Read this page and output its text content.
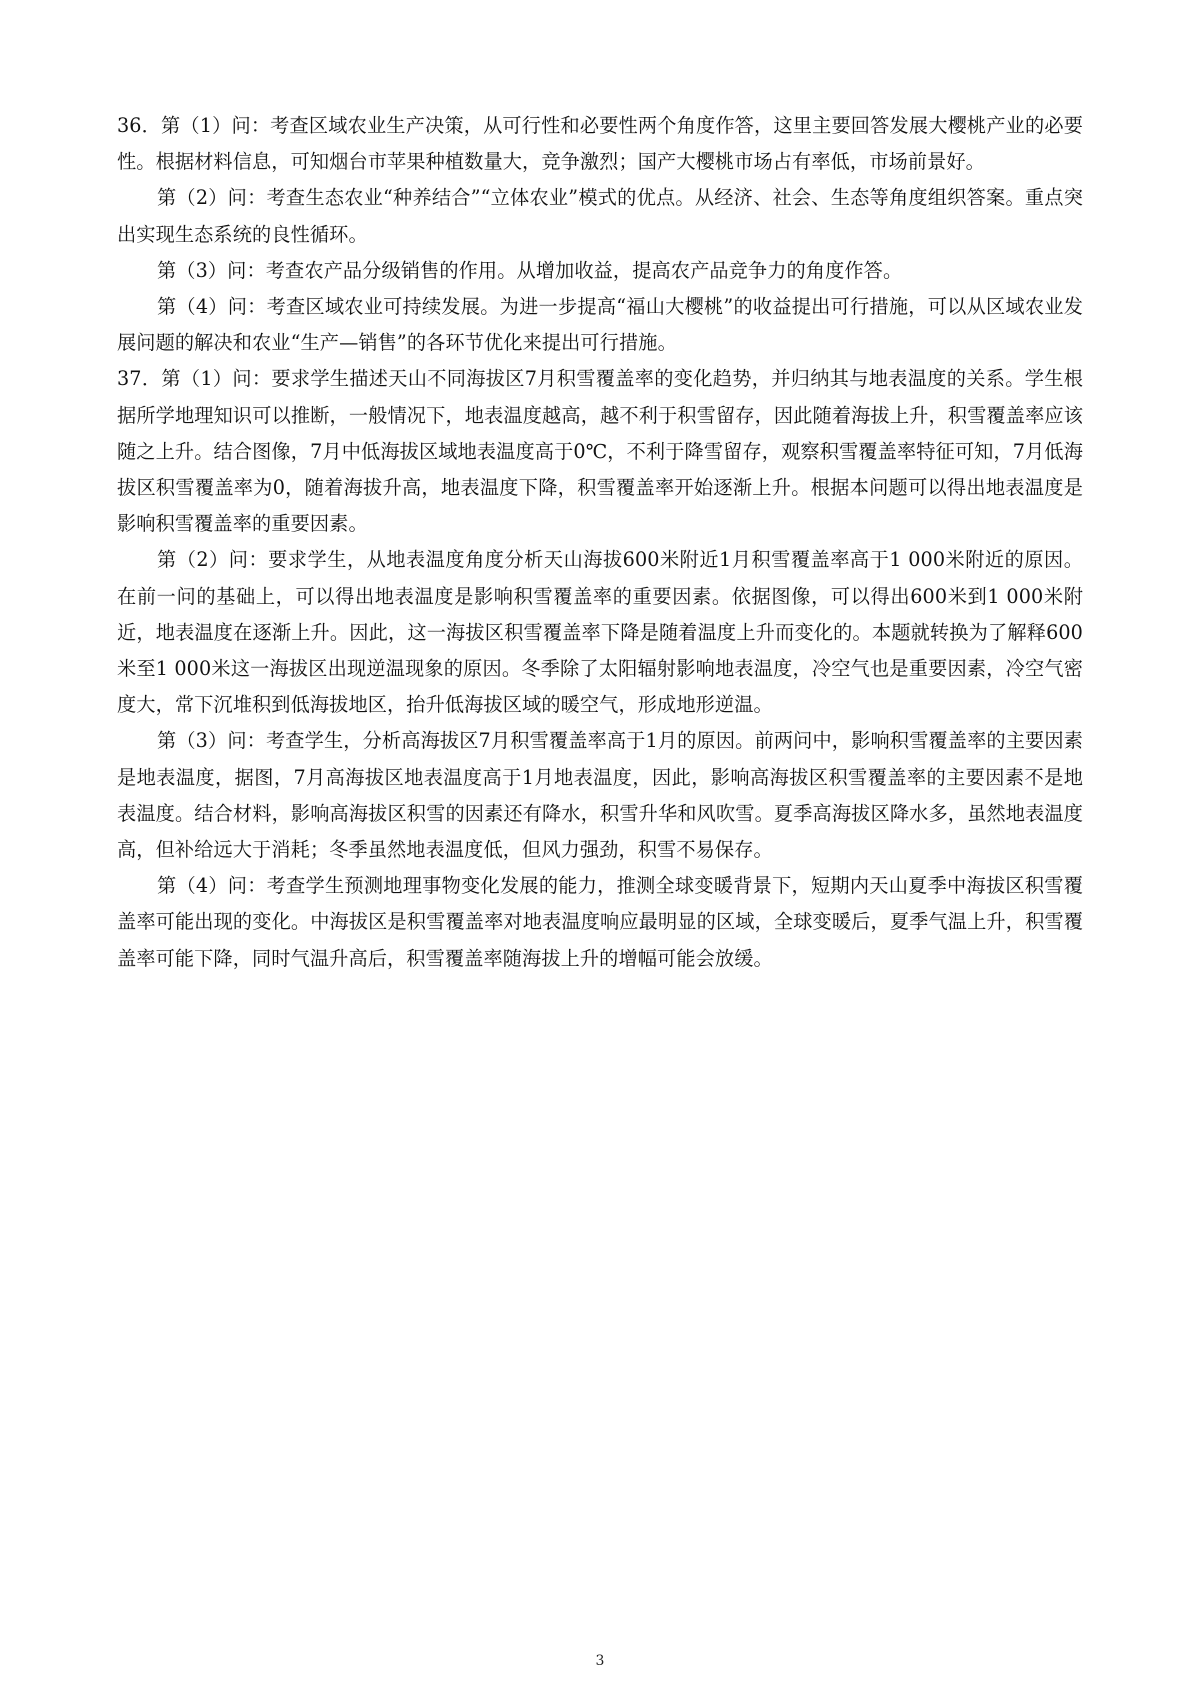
36．第（1）问：考查区域农业生产决策，从可行性和必要性两个角度作答，这里主要回答发展大樱桃产业的必要性。根据材料信息，可知烟台市苹果种植数量大，竞争激烈；国产大樱桃市场占有率低，市场前景好。

第（2）问：考查生态农业“种养结合”“立体农业”模式的优点。从经济、社会、生态等角度组织答案。重点突出实现生态系统的良性循环。

第（3）问：考查农产品分级销售的作用。从增加收益，提高农产品竞争力的角度作答。

第（4）问：考查区域农业可持续发展。为进一步提高“福山大樱桃”的收益提出可行措施，可以从区域农业发展问题的解决和农业“生产—销售”的各环节优化来提出可行措施。

37．第（1）问：要求学生描述天山不同海拔区7月积雪覆盖率的变化趋势，并归纳其与地表温度的关系。学生根据所学地理知识可以推断，一般情况下，地表温度越高，越不利于积雪留存，因此随着海拔上升，积雪覆盖率应该随之上升。结合图像，7月中低海拔区域地表温度高于0℃，不利于降雪留存，观察积雪覆盖率特征可知，7月低海拔区积雪覆盖率为0，随着海拔升高，地表温度下降，积雪覆盖率开始逐渐上升。根据本问题可以得出地表温度是影响积雪覆盖率的重要因素。

第（2）问：要求学生，从地表温度角度分析天山海拔600米附近1月积雪覆盖率高于1 000米附近的原因。在前一问的基础上，可以得出地表温度是影响积雪覆盖率的重要因素。依据图像，可以得出600米到1 000米附近，地表温度在逐渐上升。因此，这一海拔区积雪覆盖率下降是随着温度上升而变化的。本题就转换为了解释600米至1 000米这一海拔区出现逆温现象的原因。冬季除了太阳辐射影响地表温度，冷空气也是重要因素，冷空气密度大，常下沉堆积到低海拔地区，抬升低海拔区域的暖空气，形成地形逆温。

第（3）问：考查学生，分析高海拔区7月积雪覆盖率高于1月的原因。前两问中，影响积雪覆盖率的主要因素是地表温度，据图，7月高海拔区地表温度高于1月地表温度，因此，影响高海拔区积雪覆盖率的主要因素不是地表温度。结合材料，影响高海拔区积雪的因素还有降水，积雪升华和风吹雪。夏季高海拔区降水多，虽然地表温度高，但补给远大于消耗；冬季虽然地表温度低，但风力强劲，积雪不易保存。

第（4）问：考查学生预测地理事物变化发展的能力，推测全球变暖背景下，短期内天山夏季中海拔区积雪覆盖率可能出现的变化。中海拔区是积雪覆盖率对地表温度响应最明显的区域，全球变暖后，夏季气温上升，积雪覆盖率可能下降，同时气温升高后，积雪覆盖率随海拔上升的增幅可能会放缓。

3
